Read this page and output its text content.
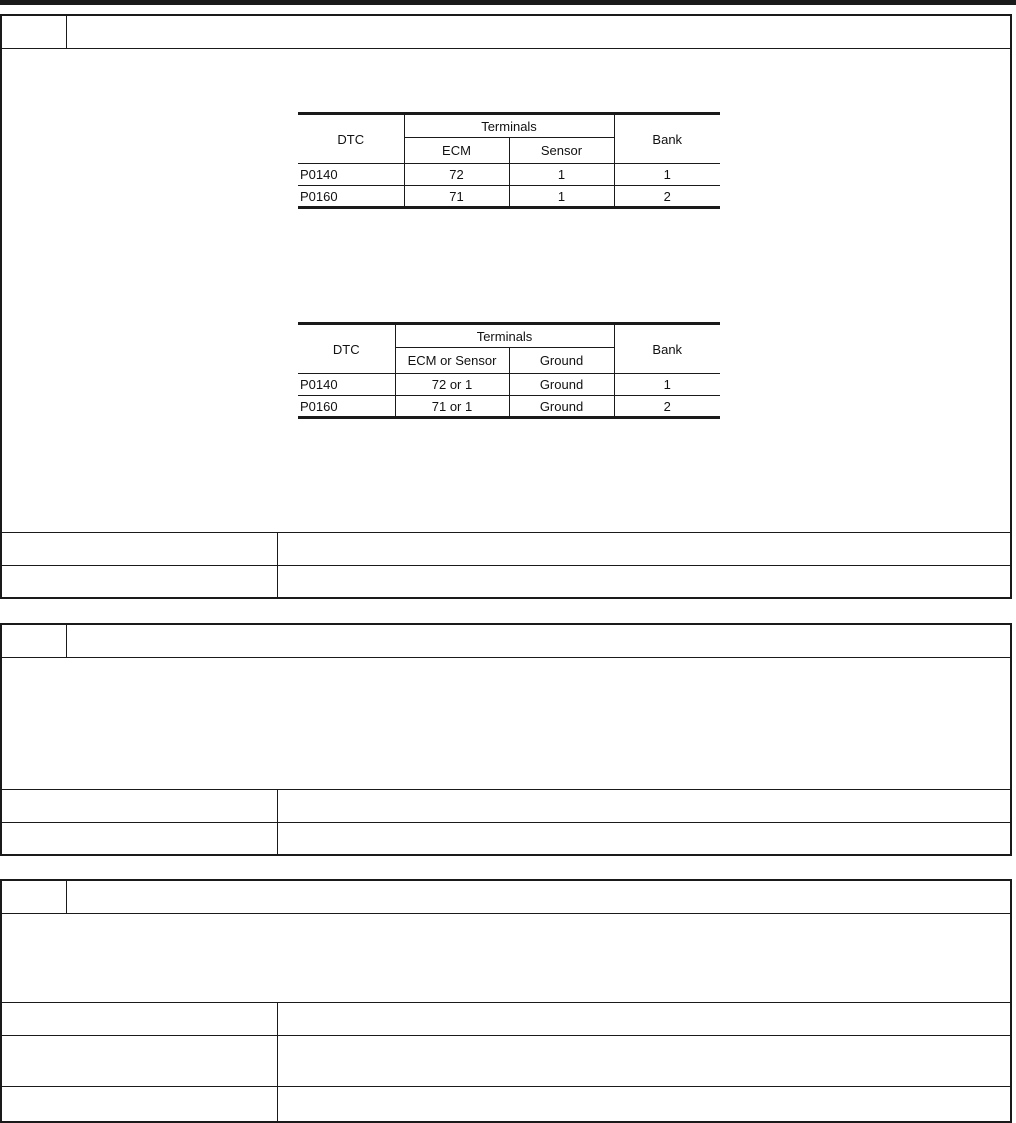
DTC	Terminals		Bank
	ECM	Sensor	
P0140	72	1	1
P0160	71	1	2
DTC	Terminals		Bank
	ECM or Sensor	Ground	
P0140	72 or 1	Ground	1
P0160	71 or 1	Ground	2
